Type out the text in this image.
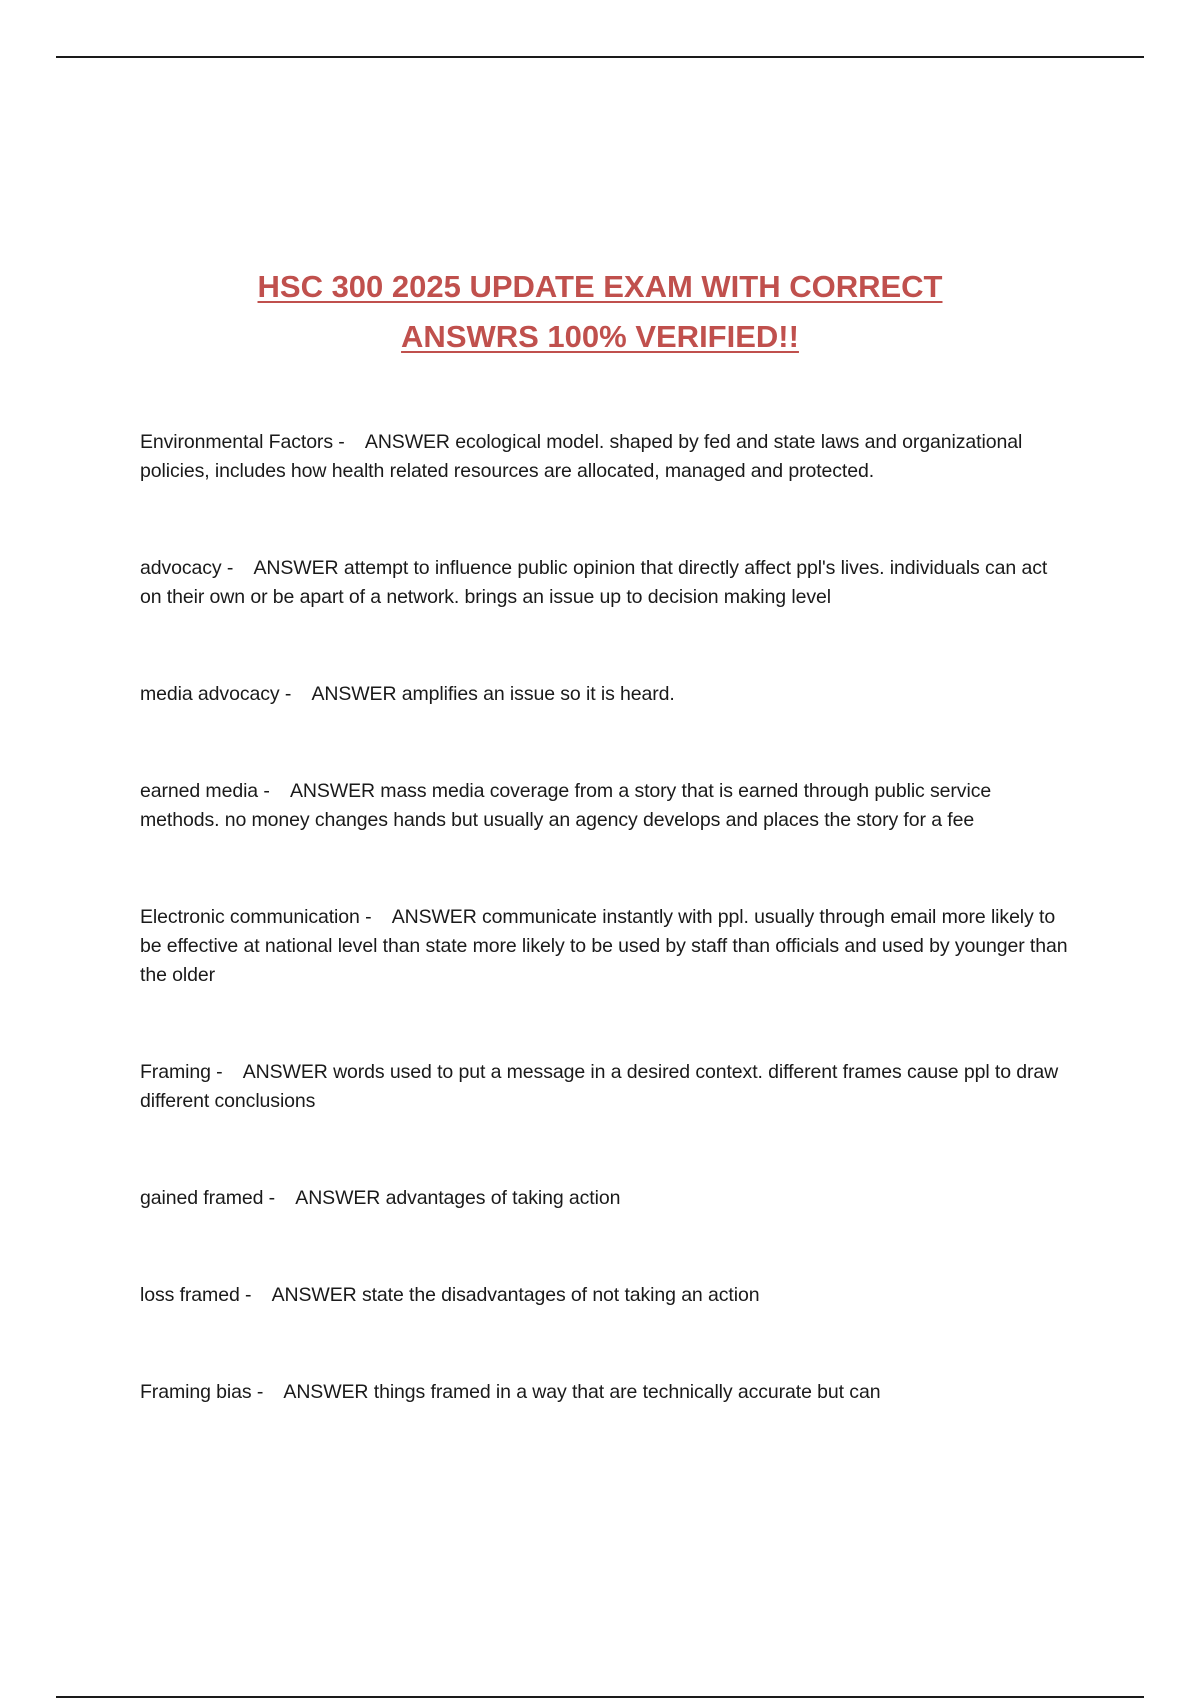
HSC 300 2025 UPDATE EXAM WITH CORRECT
ANSWRS 100% VERIFIED!!

Environmental Factors - ANSWER ecological model. shaped by fed and state laws and organizational policies, includes how health related resources are allocated, managed and protected.

advocacy - ANSWER attempt to influence public opinion that directly affect ppl's lives. individuals can act on their own or be apart of a network. brings an issue up to decision making level

media advocacy - ANSWER amplifies an issue so it is heard.

earned media - ANSWER mass media coverage from a story that is earned through public service methods. no money changes hands but usually an agency develops and places the story for a fee

Electronic communication - ANSWER communicate instantly with ppl. usually through email more likely to be effective at national level than state more likely to be used by staff than officials and used by younger than the older

Framing - ANSWER words used to put a message in a desired context. different frames cause ppl to draw different conclusions

gained framed - ANSWER advantages of taking action

loss framed - ANSWER state the disadvantages of not taking an action

Framing bias - ANSWER things framed in a way that are technically accurate but can
